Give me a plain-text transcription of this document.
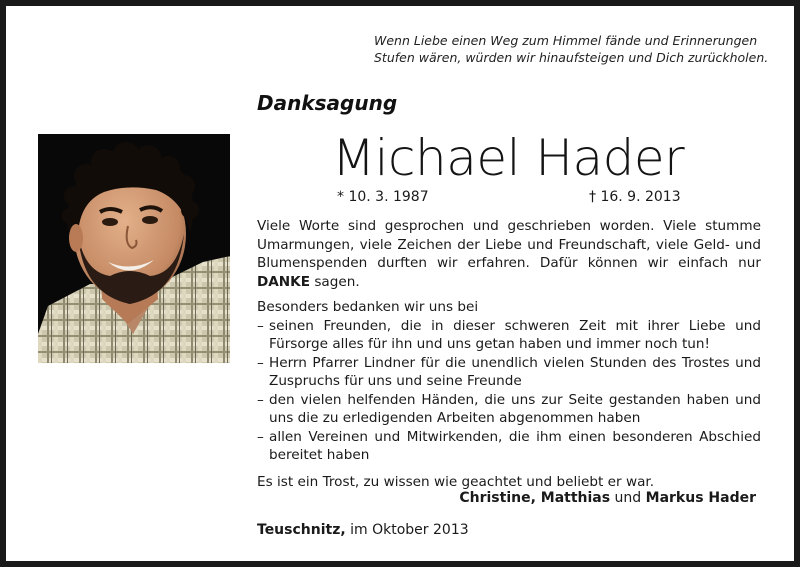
Wenn Liebe einen Weg zum Himmel fände und Erinnerungen
Stufen wären, würden wir hinaufsteigen und Dich zurückholen.
Danksagung
Michael Hader
* 10. 3. 1987	† 16. 9. 2013

Viele Worte sind gesprochen und geschrieben worden. Viele stumme Umarmungen, viele Zeichen der Liebe und Freundschaft, viele Geld- und Blumenspenden durften wir erfahren. Dafür können wir einfach nur DANKE sagen.

Besonders bedanken wir uns bei

– seinen Freunden, die in dieser schweren Zeit mit ihrer Liebe und Fürsorge alles für ihn und uns getan haben und immer noch tun!
– Herrn Pfarrer Lindner für die unendlich vielen Stunden des Trostes und Zuspruchs für uns und seine Freunde
– den vielen helfenden Händen, die uns zur Seite gestanden haben und uns die zu erledigenden Arbeiten abgenommen haben
– allen Vereinen und Mitwirkenden, die ihm einen besonderen Abschied bereitet haben

Es ist ein Trost, zu wissen wie geachtet und beliebt er war.

Christine, Matthias und Markus Hader
Teuschnitz, im Oktober 2013
